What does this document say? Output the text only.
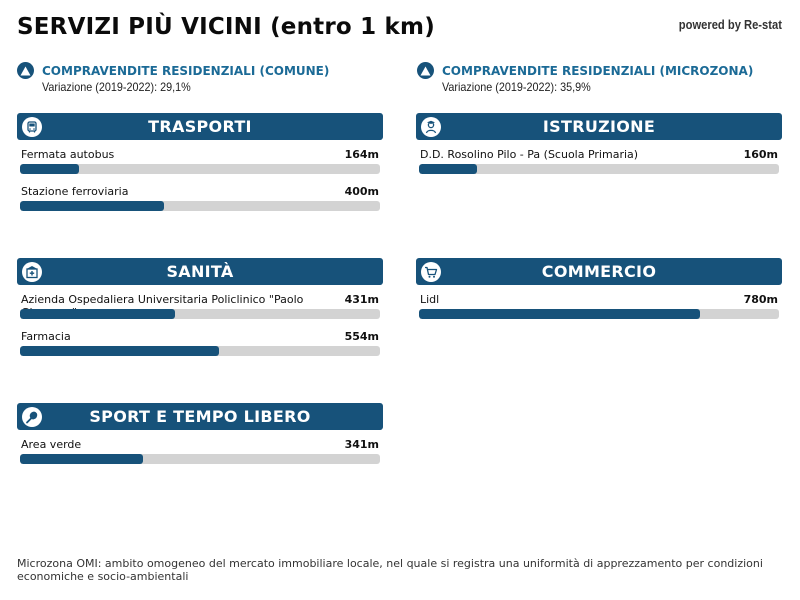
SERVIZI PIÙ VICINI (entro 1 km)	powered by Re-stat
COMPRAVENDITE RESIDENZIALI (COMUNE)
Variazione (2019-2022): 29,1%
COMPRAVENDITE RESIDENZIALI (MICROZONA)
Variazione (2019-2022): 35,9%
TRASPORTI
Fermata autobus	164m
Stazione ferroviaria	400m
ISTRUZIONE
D.D. Rosolino Pilo - Pa (Scuola Primaria)	160m
SANITÀ
Azienda Ospedaliera Universitaria Policlinico "Paolo	431m
Farmacia	554m
COMMERCIO
Lidl	780m
SPORT E TEMPO LIBERO
Area verde	341m
Microzona OMI: ambito omogeneo del mercato immobiliare locale, nel quale si registra una uniformità di apprezzamento per condizioni economiche e socio-ambientali
